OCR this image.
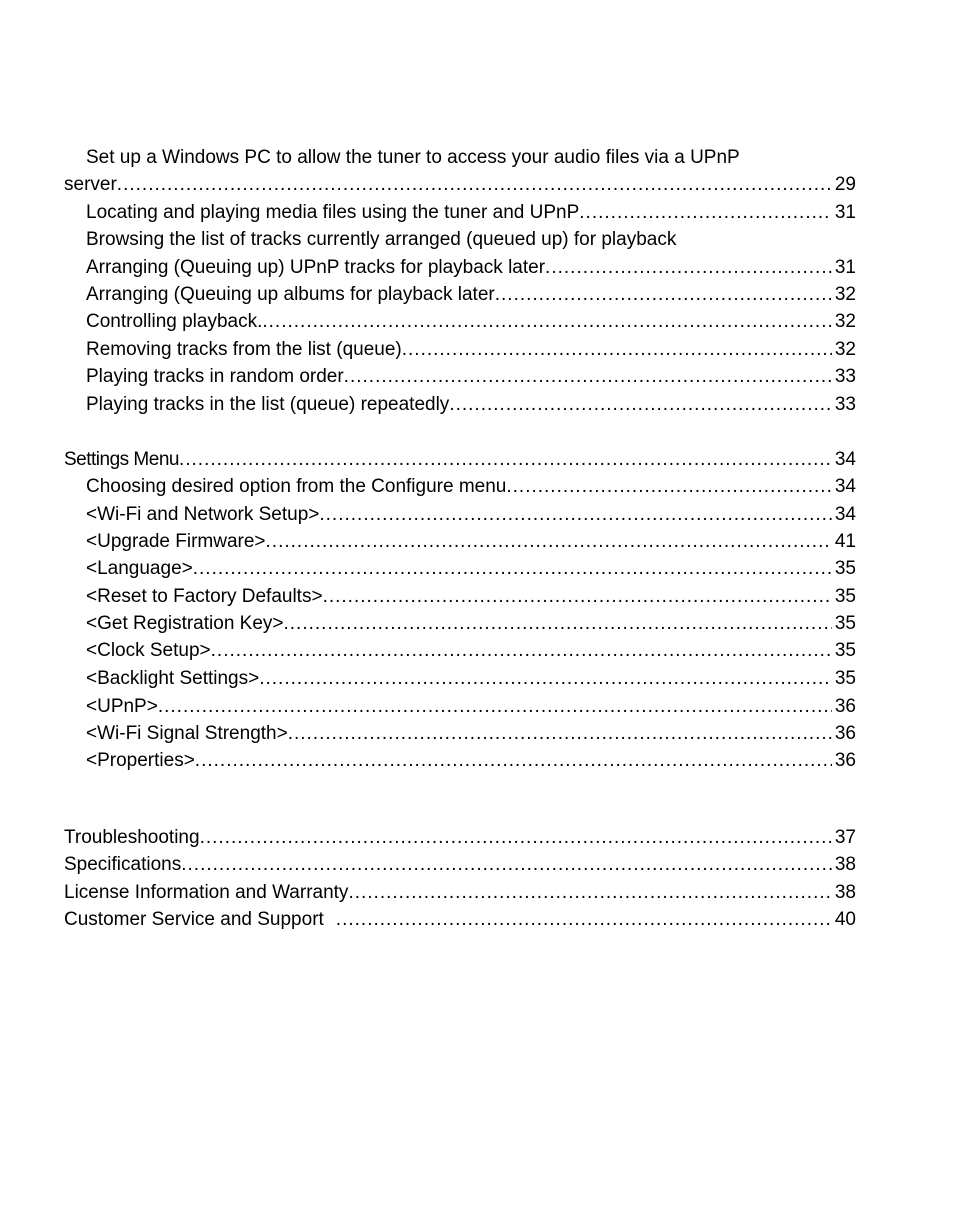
Set up a Windows PC to allow the tuner to access your audio files via a UPnP
server .....	29
Locating and playing media files using the tuner and UPnP .....	31
Browsing the list of tracks currently arranged (queued up) for playback
Arranging (Queuing up) UPnP tracks for playback later .....	31
Arranging (Queuing up albums for playback later .....	32
Controlling playback. .....	32
Removing tracks from the list (queue) .....	32
Playing tracks in random order .....	33
Playing tracks in the list (queue) repeatedly .....	33
Settings Menu .....	34
Choosing desired option from the Configure menu .....	34
<Wi-Fi and Network Setup> .....	34
<Upgrade Firmware> .....	41
<Language> .....	35
<Reset to Factory Defaults> .....	35
<Get Registration Key> .....	35
<Clock Setup> .....	35
<Backlight Settings> .....	35
<UPnP> .....	36
<Wi-Fi Signal Strength> .....	36
<Properties> .....	36
Troubleshooting .....	37
Specifications .....	38
License Information and Warranty .....	38
Customer Service and Support .....	40
